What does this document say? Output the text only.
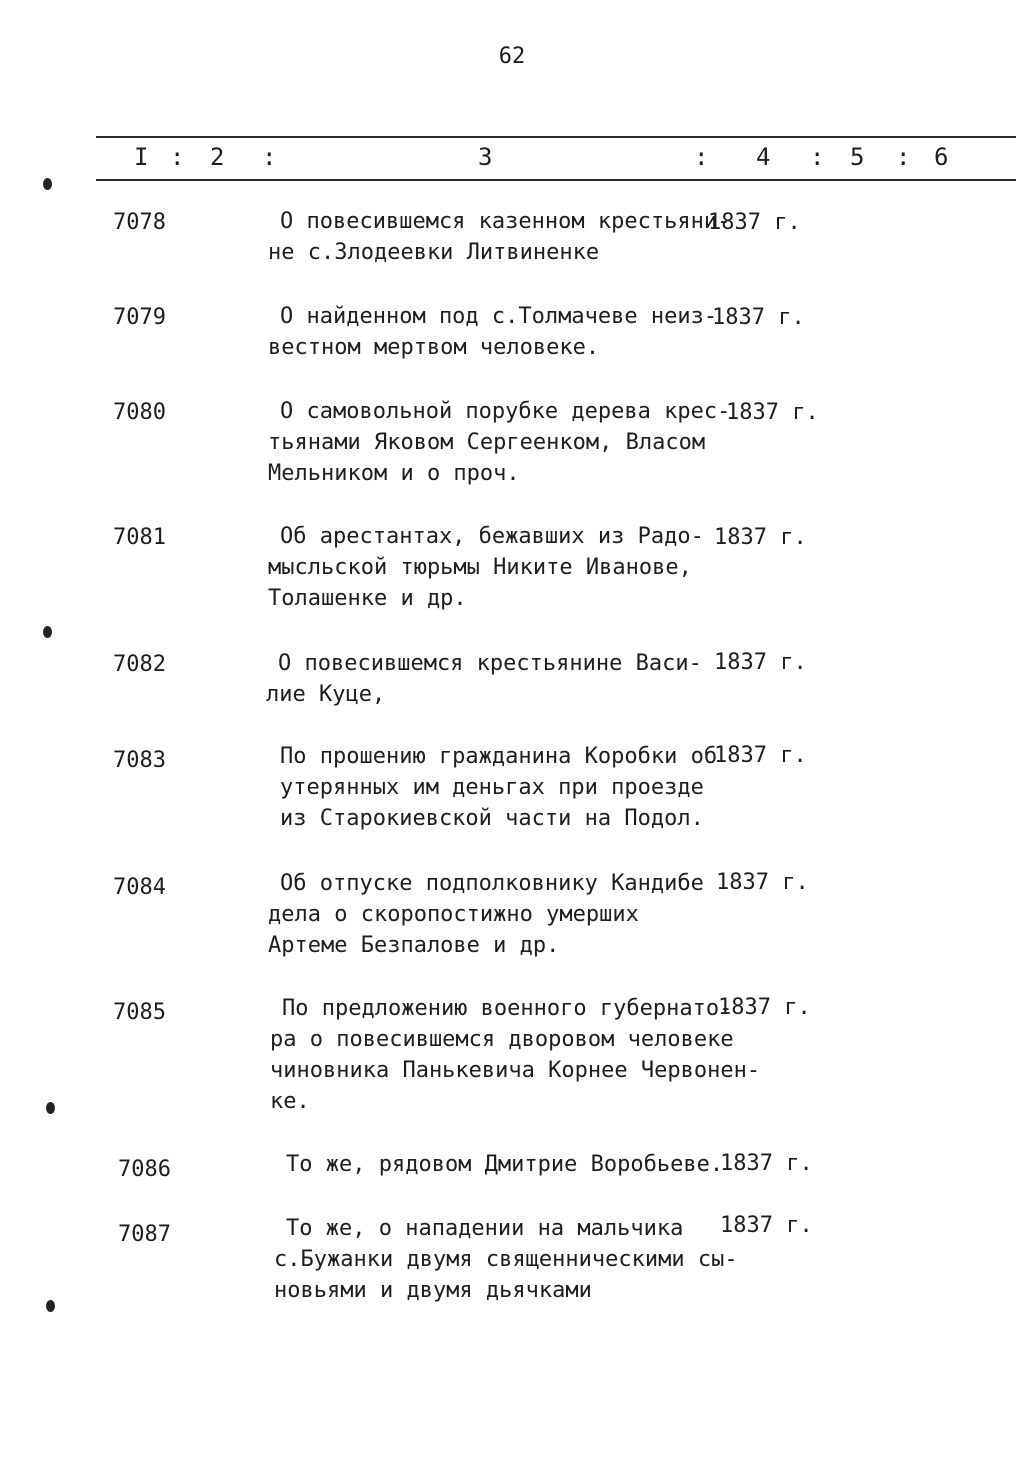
62
I : 2 :	3	: 4 : 5 : 6
7078	О повесившемся казенном крестьяни-
не с.Злодеевки Литвиненке
1837 г.
7079	О найденном под с.Толмачеве неиз-
вестном мертвом человеке.
1837 г.
7080	О самовольной порубке дерева крес-
тьянами Яковом Сергеенком, Власом
Мельником и о проч.
1837 г.
7081	Об арестантах, бежавших из Радо-
мысльской тюрьмы Никите Иванове,
Толашенке и др.
1837 г.
7082	О повесившемся крестьянине Васи-
лие Куце,
1837 г.
7083	По прошению гражданина Коробки об
утерянных им деньгах при проезде
из Старокиевской части на Подол.
1837 г.
7084	Об отпуске подполковнику Кандибе
дела о скоропостижно умерших
Артеме Безпалове и др.
1837 г.
7085	По предложению военного губернато-
ра о повесившемся дворовом человеке
чиновника Панькевича Корнее Червонен-
ке.
1837 г.
7086	То же, рядовом Дмитрие Воробьеве.
1837 г.
7087	То же, о нападении на мальчика
с.Бужанки двумя священническими сы-
новьями и двумя дьячками
1837 г.
